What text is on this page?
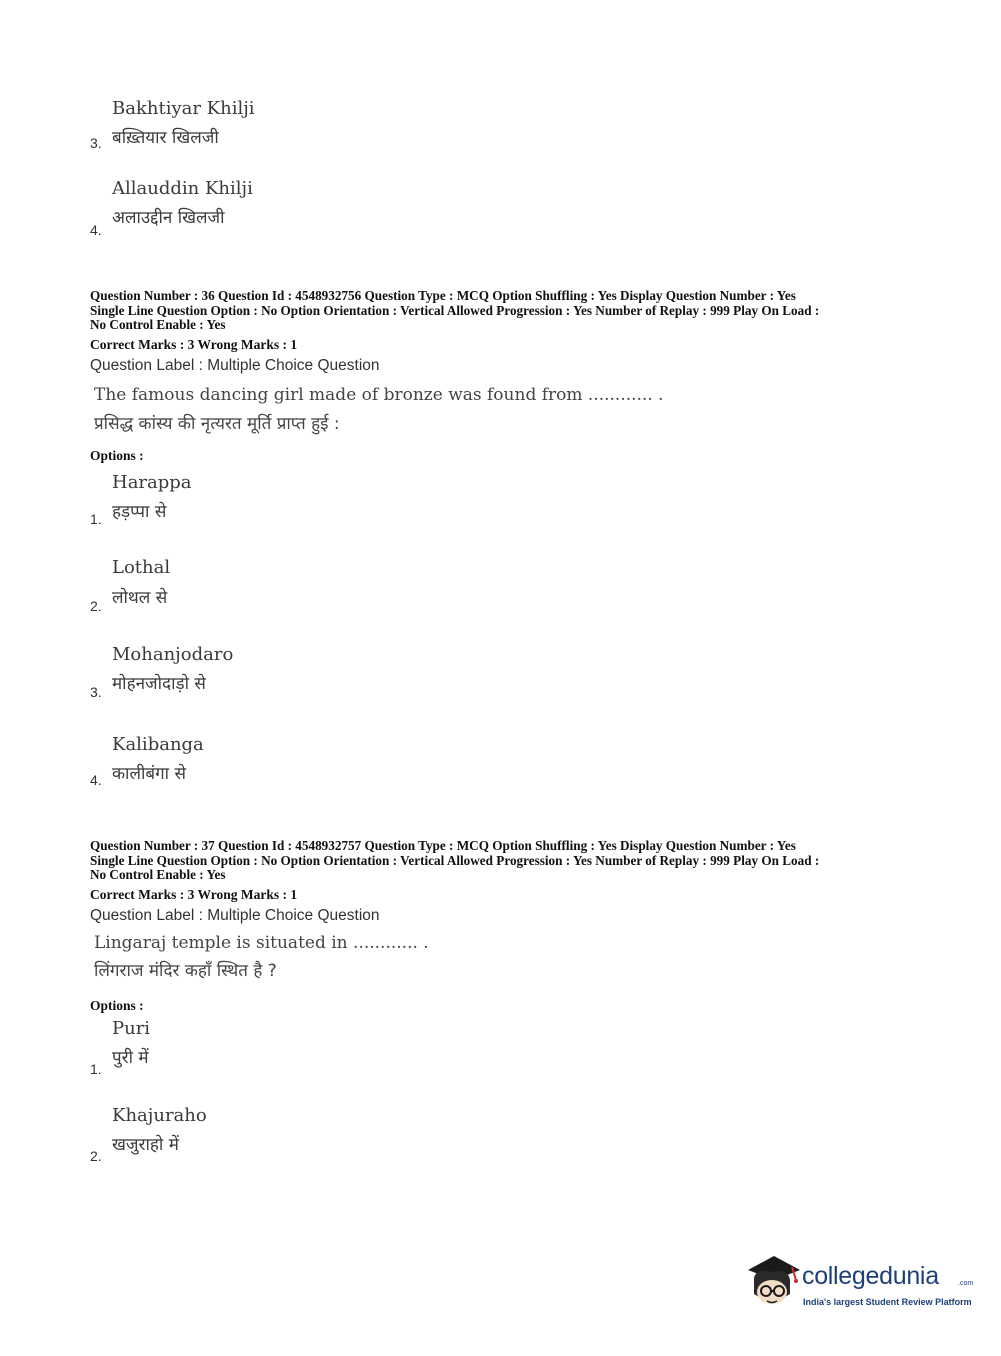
Bakhtiyar Khilji
बख़्तियार खिलजी
3.
Allauddin Khilji
अलाउद्दीन खिलजी
4.
Question Number : 36 Question Id : 4548932756 Question Type : MCQ Option Shuffling : Yes Display Question Number : Yes
Single Line Question Option : No Option Orientation : Vertical Allowed Progression : Yes Number of Replay : 999 Play On Load :
No Control Enable : Yes
Correct Marks : 3 Wrong Marks : 1
Question Label : Multiple Choice Question
The famous dancing girl made of bronze was found from ............ .
प्रसिद्ध कांस्य की नृत्यरत मूर्ति प्राप्त हुई :
Options :
Harappa
हड़प्पा से
1.
Lothal
लोथल से
2.
Mohanjodaro
मोहनजोदाड़ो से
3.
Kalibanga
कालीबंगा से
4.
Question Number : 37 Question Id : 4548932757 Question Type : MCQ Option Shuffling : Yes Display Question Number : Yes
Single Line Question Option : No Option Orientation : Vertical Allowed Progression : Yes Number of Replay : 999 Play On Load :
No Control Enable : Yes
Correct Marks : 3 Wrong Marks : 1
Question Label : Multiple Choice Question
Lingaraj temple is situated in ............ .
लिंगराज मंदिर कहाँ स्थित है ?
Options :
Puri
पुरी में
1.
Khajuraho
खजुराहो में
2.
collegedunia	.com
India's largest Student Review Platform
